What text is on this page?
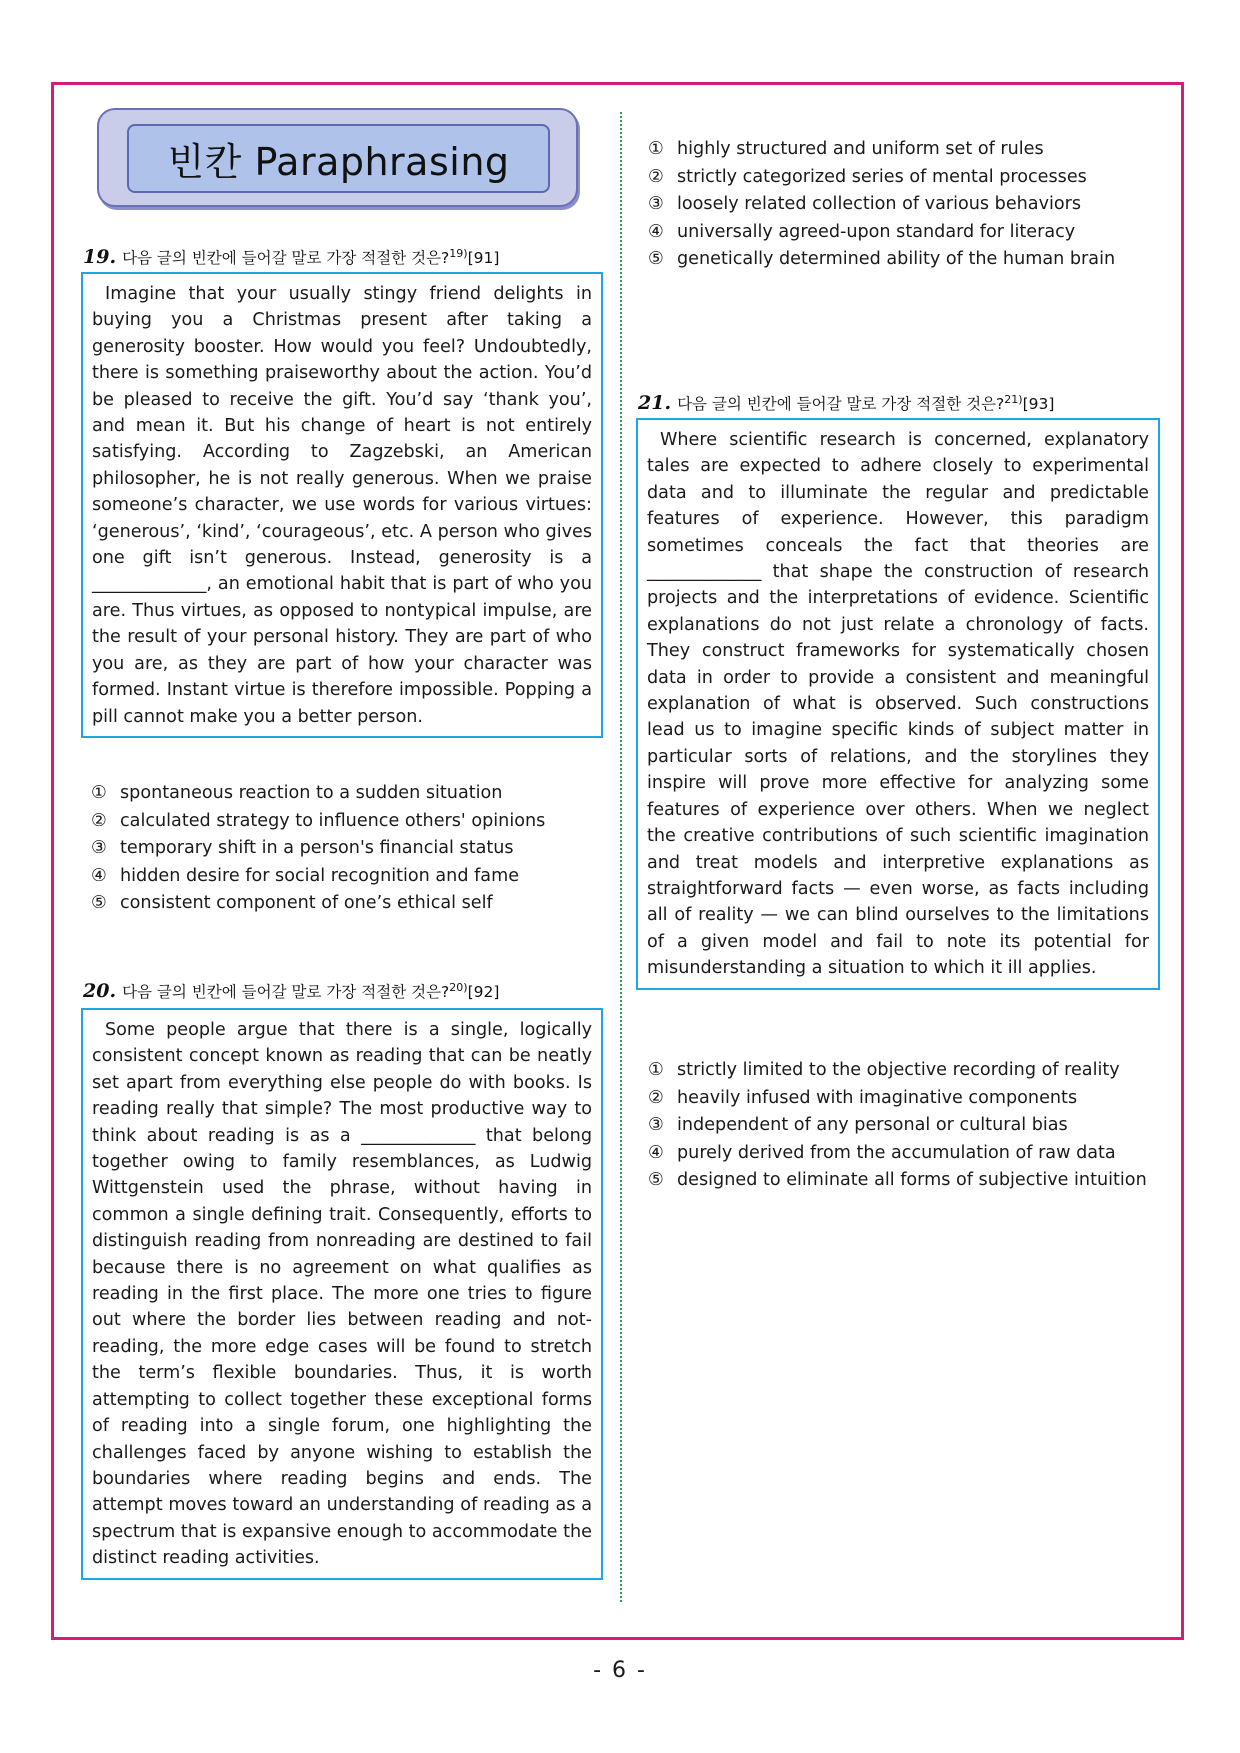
빈칸 Paraphrasing
19. 다음 글의 빈칸에 들어갈 말로 가장 적절한 것은?$^{19)}$[91]
Imagine that your usually stingy friend delights in buying you a Christmas present after taking a generosity booster. How would you feel? Undoubtedly, there is something praiseworthy about the action. You’d be pleased to receive the gift. You’d say ‘thank you’, and mean it. But his change of heart is not entirely satisfying. According to Zagzebski, an American philosopher, he is not really generous. When we praise someone’s character, we use words for various virtues: ‘generous’, ‘kind’, ‘courageous’, etc. A person who gives one gift isn’t generous. Instead, generosity is a _____________, an emotional habit that is part of who you are. Thus virtues, as opposed to nontypical impulse, are the result of your personal history. They are part of who you are, as they are part of how your character was formed. Instant virtue is therefore impossible. Popping a pill cannot make you a better person.
① spontaneous reaction to a sudden situation
② calculated strategy to influence others' opinions
③ temporary shift in a person's financial status
④ hidden desire for social recognition and fame
⑤ consistent component of one’s ethical self
20. 다음 글의 빈칸에 들어갈 말로 가장 적절한 것은?$^{20)}$[92]
Some people argue that there is a single, logically consistent concept known as reading that can be neatly set apart from everything else people do with books. Is reading really that simple? The most productive way to think about reading is as a _____________ that belong together owing to family resemblances, as Ludwig Wittgenstein used the phrase, without having in common a single defining trait. Consequently, efforts to distinguish reading from nonreading are destined to fail because there is no agreement on what qualifies as reading in the first place. The more one tries to figure out where the border lies between reading and not-reading, the more edge cases will be found to stretch the term’s flexible boundaries. Thus, it is worth attempting to collect together these exceptional forms of reading into a single forum, one highlighting the challenges faced by anyone wishing to establish the boundaries where reading begins and ends. The attempt moves toward an understanding of reading as a spectrum that is expansive enough to accommodate the distinct reading activities.
① highly structured and uniform set of rules
② strictly categorized series of mental processes
③ loosely related collection of various behaviors
④ universally agreed-upon standard for literacy
⑤ genetically determined ability of the human brain
21. 다음 글의 빈칸에 들어갈 말로 가장 적절한 것은?$^{21)}$[93]
Where scientific research is concerned, explanatory tales are expected to adhere closely to experimental data and to illuminate the regular and predictable features of experience. However, this paradigm sometimes conceals the fact that theories are _____________ that shape the construction of research projects and the interpretations of evidence. Scientific explanations do not just relate a chronology of facts. They construct frameworks for systematically chosen data in order to provide a consistent and meaningful explanation of what is observed. Such constructions lead us to imagine specific kinds of subject matter in particular sorts of relations, and the storylines they inspire will prove more effective for analyzing some features of experience over others. When we neglect the creative contributions of such scientific imagination and treat models and interpretive explanations as straightforward facts — even worse, as facts including all of reality — we can blind ourselves to the limitations of a given model and fail to note its potential for misunderstanding a situation to which it ill applies.
① strictly limited to the objective recording of reality
② heavily infused with imaginative components
③ independent of any personal or cultural bias
④ purely derived from the accumulation of raw data
⑤ designed to eliminate all forms of subjective intuition
- 6 -
